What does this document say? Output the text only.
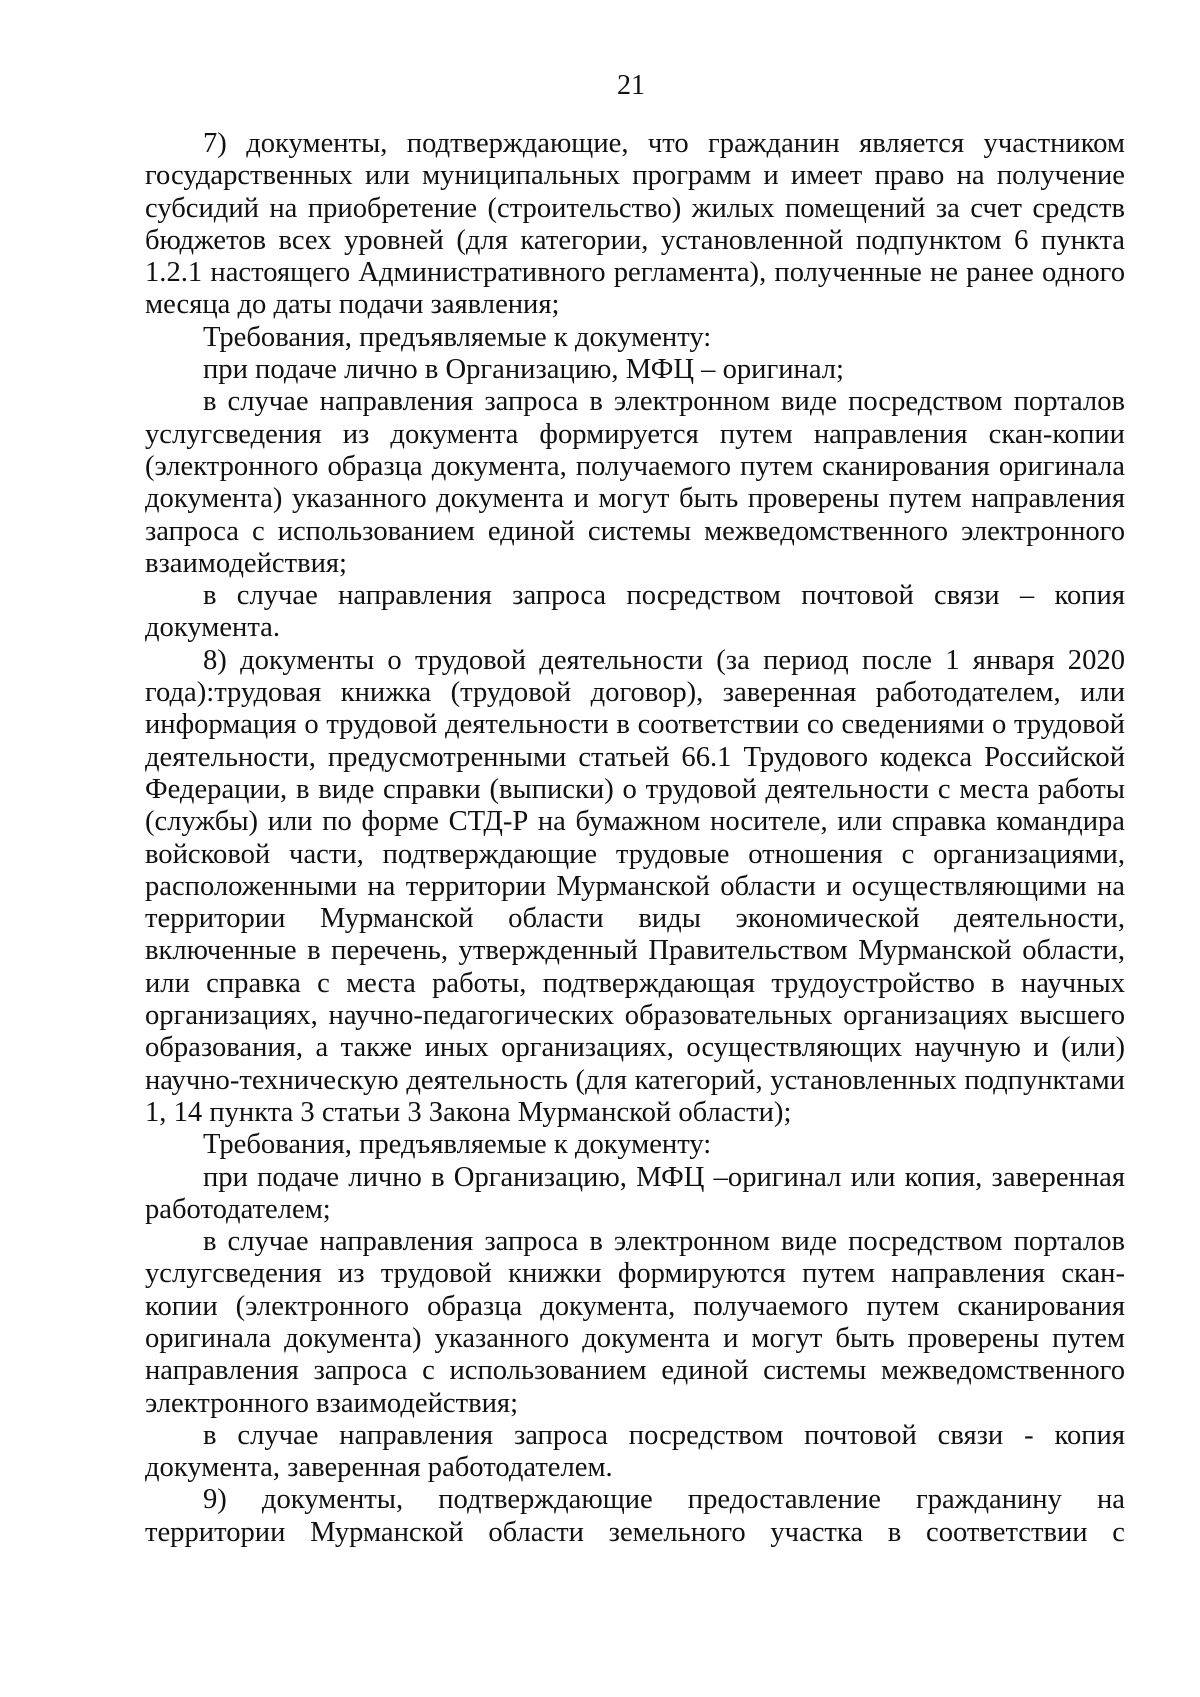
21

7) документы, подтверждающие, что гражданин является участником государственных или муниципальных программ и имеет право на получение субсидий на приобретение (строительство) жилых помещений за счет средств бюджетов всех уровней (для категории, установленной подпунктом 6 пункта 1.2.1 настоящего Административного регламента), полученные не ранее одного месяца до даты подачи заявления;

Требования, предъявляемые к документу:

при подаче лично в Организацию, МФЦ – оригинал;

в случае направления запроса в электронном виде посредством порталов услугсведения из документа формируется путем направления скан-копии (электронного образца документа, получаемого путем сканирования оригинала документа) указанного документа и могут быть проверены путем направления запроса с использованием единой системы межведомственного электронного взаимодействия;

в случае направления запроса посредством почтовой связи – копия документа.

8) документы о трудовой деятельности (за период после 1 января 2020 года):трудовая книжка (трудовой договор), заверенная работодателем, или информация о трудовой деятельности в соответствии со сведениями о трудовой деятельности, предусмотренными статьей 66.1 Трудового кодекса Российской Федерации, в виде справки (выписки) о трудовой деятельности с места работы (службы) или по форме СТД-Р на бумажном носителе, или справка командира войсковой части, подтверждающие трудовые отношения с организациями, расположенными на территории Мурманской области и осуществляющими на территории Мурманской области виды экономической деятельности, включенные в перечень, утвержденный Правительством Мурманской области, или справка с места работы, подтверждающая трудоустройство в научных организациях, научно-педагогических образовательных организациях высшего образования, а также иных организациях, осуществляющих научную и (или) научно-техническую деятельность (для категорий, установленных подпунктами 1, 14 пункта 3 статьи 3 Закона Мурманской области);

Требования, предъявляемые к документу:

при подаче лично в Организацию, МФЦ –оригинал или копия, заверенная работодателем;

в случае направления запроса в электронном виде посредством порталов услугсведения из трудовой книжки формируются путем направления скан-копии (электронного образца документа, получаемого путем сканирования оригинала документа) указанного документа и могут быть проверены путем направления запроса с использованием единой системы межведомственного электронного взаимодействия;

в случае направления запроса посредством почтовой связи - копия документа, заверенная работодателем.

9) документы, подтверждающие предоставление гражданину на территории Мурманской области земельного участка в соответствии с
